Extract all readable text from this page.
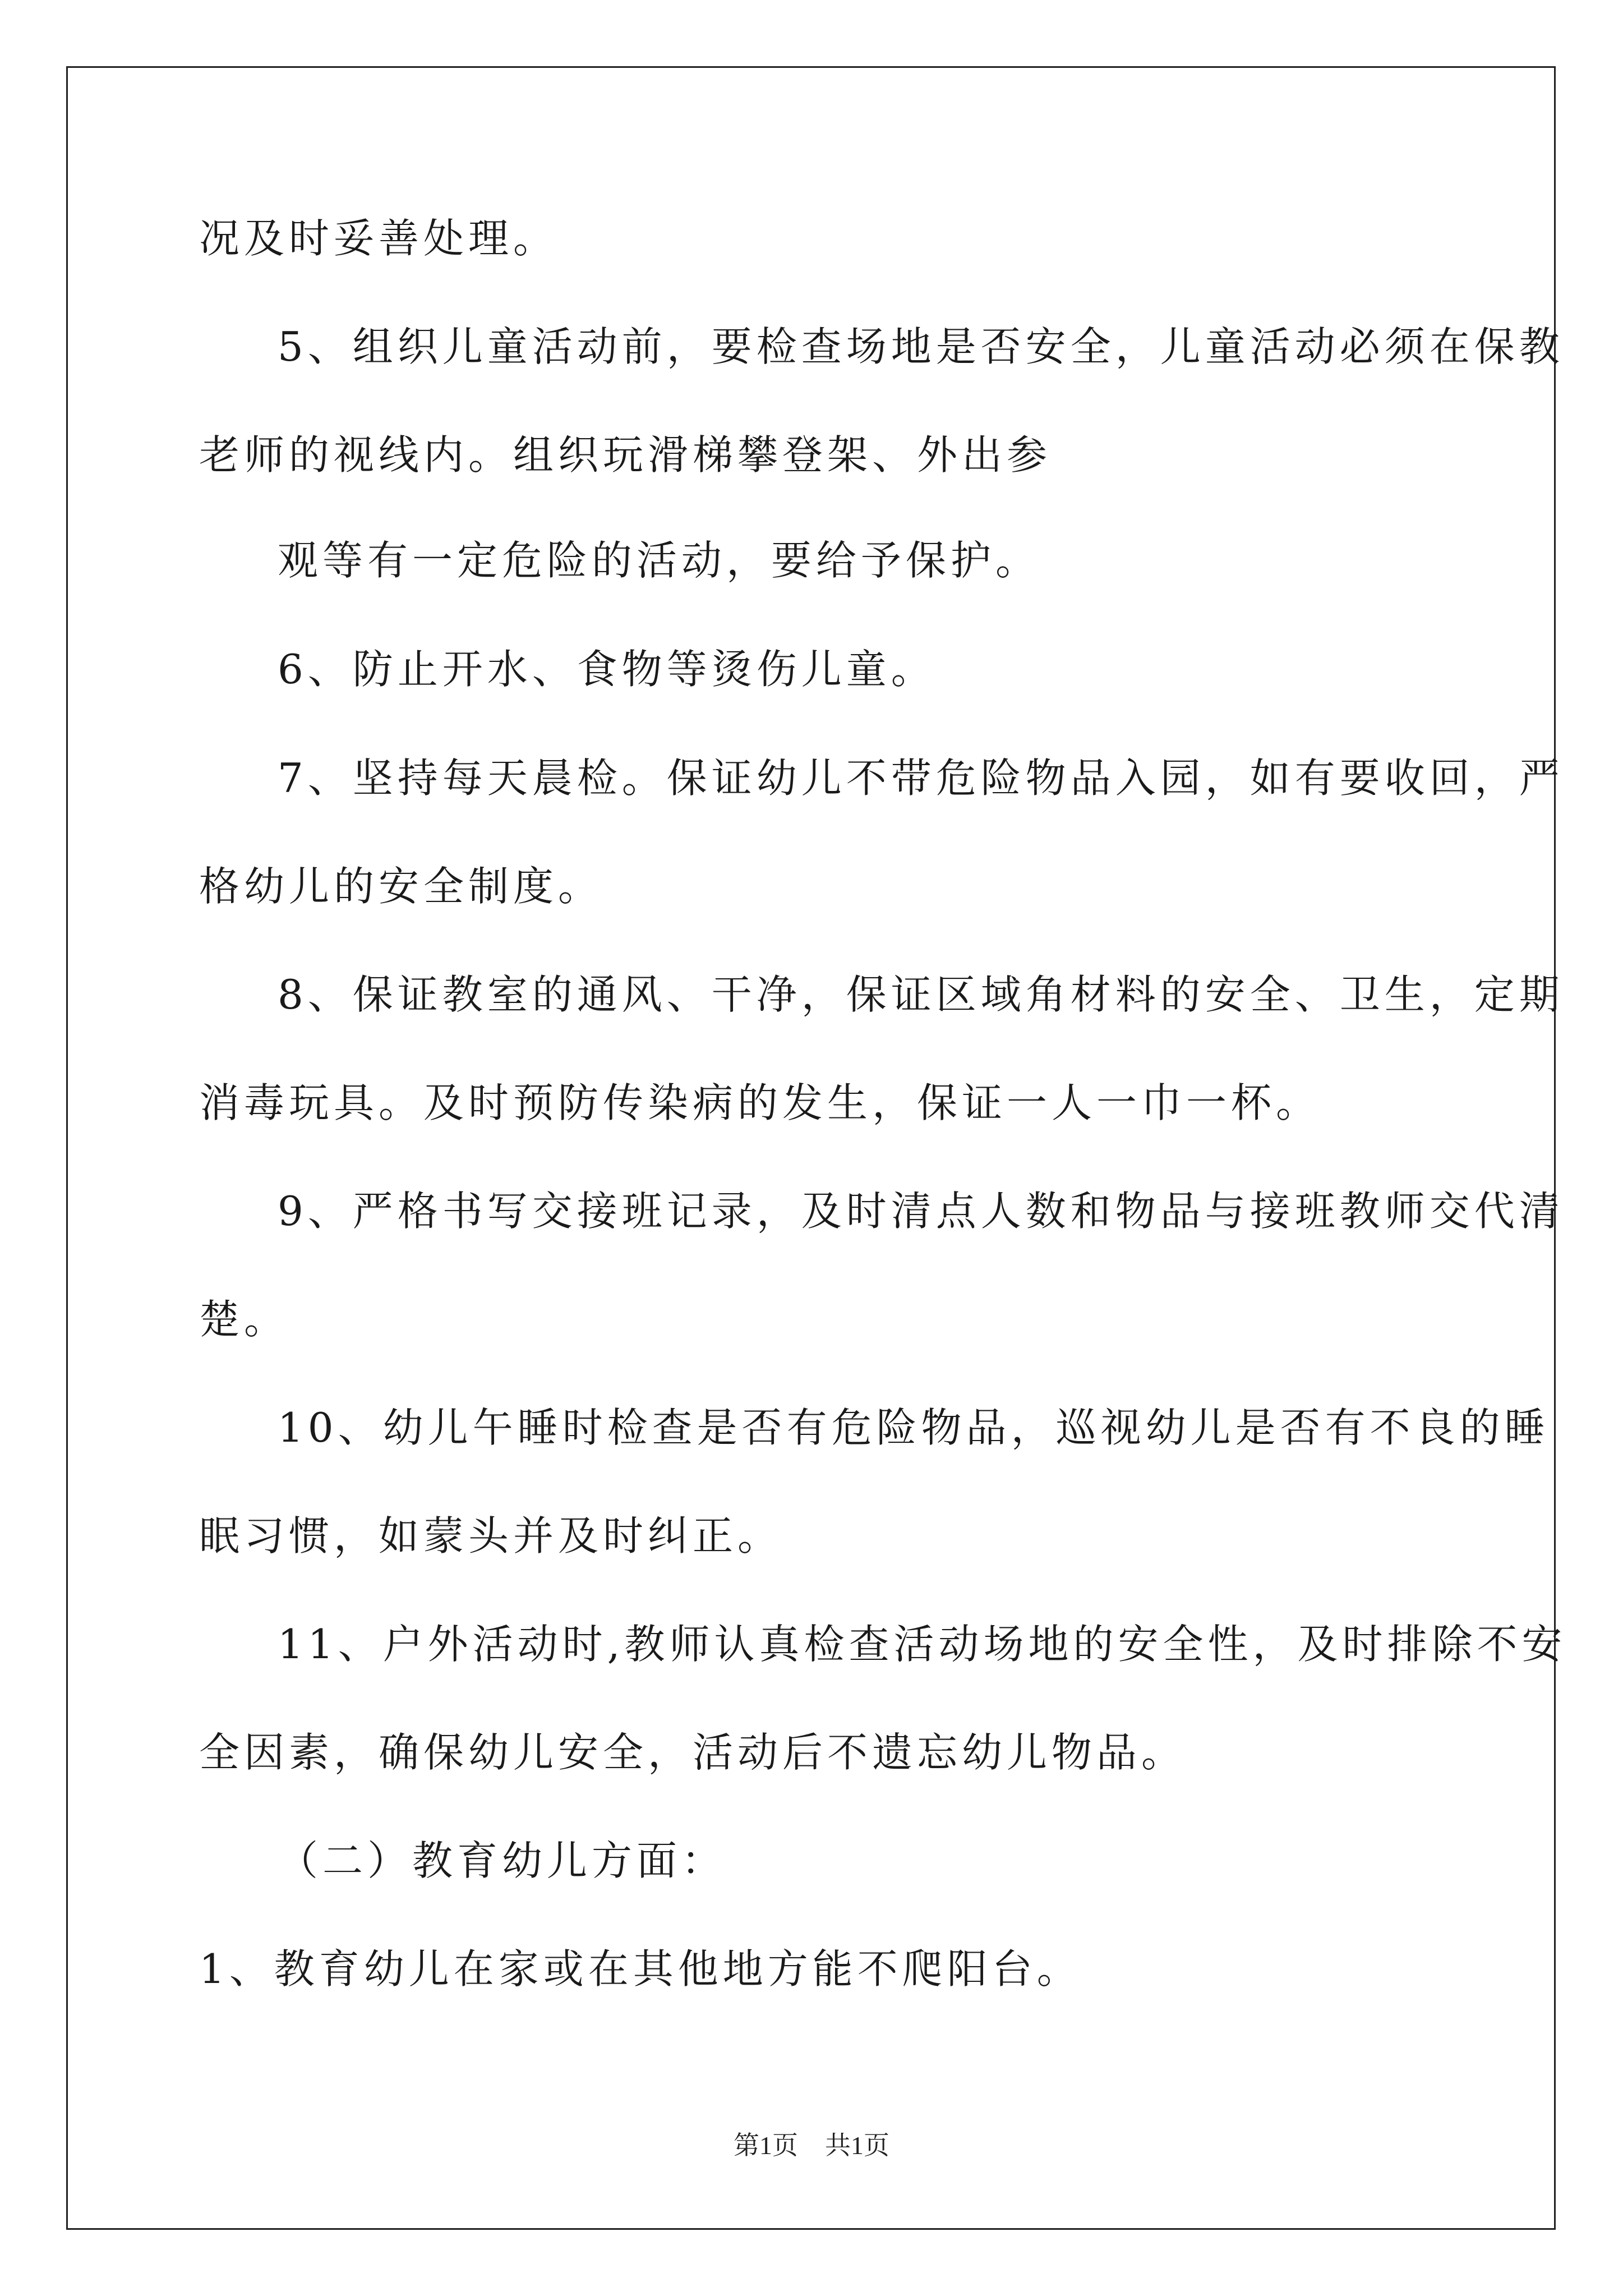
况及时妥善处理。
5、组织儿童活动前，要检查场地是否安全，儿童活动必须在保教
老师的视线内。组织玩滑梯攀登架、外出参
观等有一定危险的活动，要给予保护。
6、防止开水、食物等烫伤儿童。
7、坚持每天晨检。保证幼儿不带危险物品入园，如有要收回，严
格幼儿的安全制度。
8、保证教室的通风、干净，保证区域角材料的安全、卫生，定期
消毒玩具。及时预防传染病的发生，保证一人一巾一杯。
9、严格书写交接班记录，及时清点人数和物品与接班教师交代清
楚。
10、幼儿午睡时检查是否有危险物品，巡视幼儿是否有不良的睡
眠习惯，如蒙头并及时纠正。
11、户外活动时,教师认真检查活动场地的安全性，及时排除不安
全因素，确保幼儿安全，活动后不遗忘幼儿物品。
（二）教育幼儿方面：
1、教育幼儿在家或在其他地方能不爬阳台。
第1页 共1页
